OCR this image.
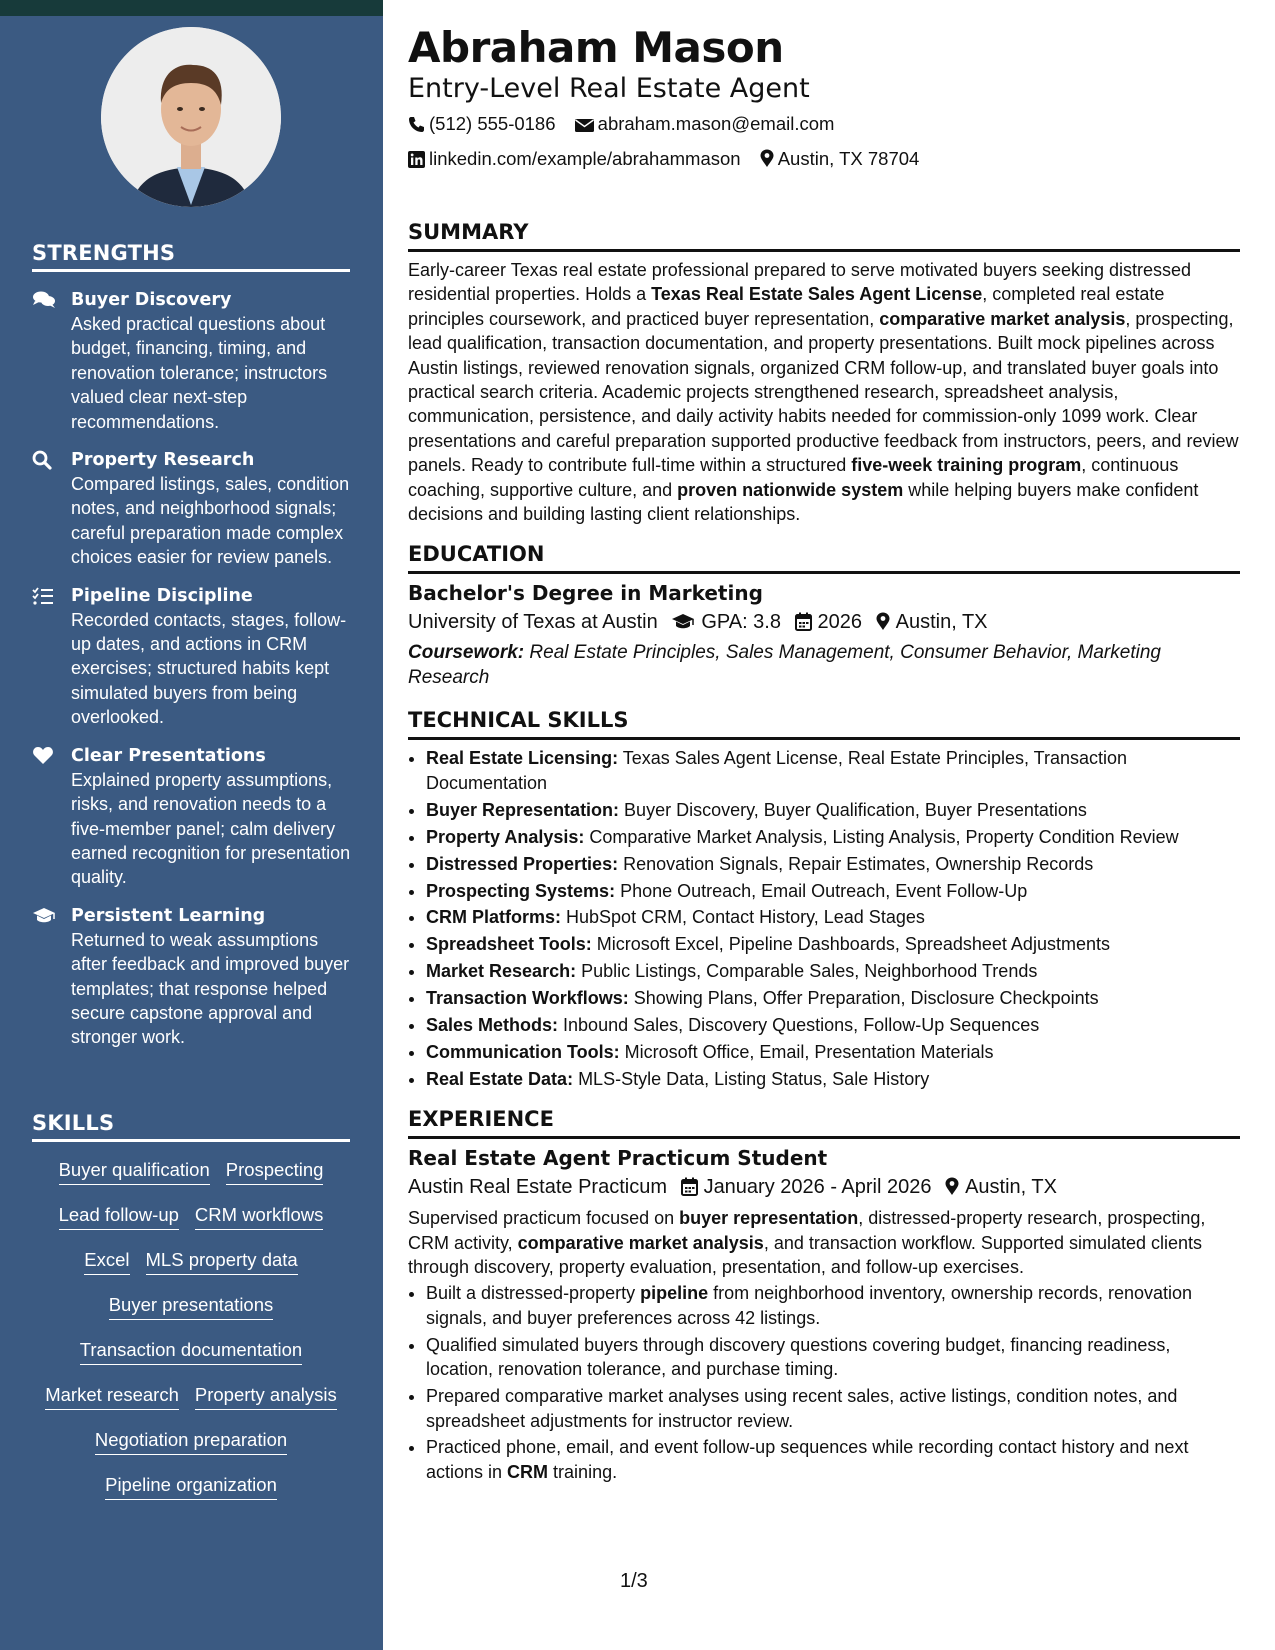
STRENGTHS
Buyer Discovery
Asked practical questions about budget, financing, timing, and renovation tolerance; instructors valued clear next-step recommendations.
Property Research
Compared listings, sales, condition notes, and neighborhood signals; careful preparation made complex choices easier for review panels.
Pipeline Discipline
Recorded contacts, stages, follow-up dates, and actions in CRM exercises; structured habits kept simulated buyers from being overlooked.
Clear Presentations
Explained property assumptions, risks, and renovation needs to a five-member panel; calm delivery earned recognition for presentation quality.
Persistent Learning
Returned to weak assumptions after feedback and improved buyer templates; that response helped secure capstone approval and stronger work.
SKILLS
Buyer qualification Prospecting
Lead follow-up CRM workflows
Excel MLS property data
Buyer presentations
Transaction documentation
Market research Property analysis
Negotiation preparation
Pipeline organization
Abraham Mason
Entry-Level Real Estate Agent
(512) 555-0186 abraham.mason@email.com
linkedin.com/example/abrahammason Austin, TX 78704
SUMMARY
Early-career Texas real estate professional prepared to serve motivated buyers seeking distressed residential properties. Holds a Texas Real Estate Sales Agent License, completed real estate principles coursework, and practiced buyer representation, comparative market analysis, prospecting, lead qualification, transaction documentation, and property presentations. Built mock pipelines across Austin listings, reviewed renovation signals, organized CRM follow-up, and translated buyer goals into practical search criteria. Academic projects strengthened research, spreadsheet analysis, communication, persistence, and daily activity habits needed for commission-only 1099 work. Clear presentations and careful preparation supported productive feedback from instructors, peers, and review panels. Ready to contribute full-time within a structured five-week training program, continuous coaching, supportive culture, and proven nationwide system while helping buyers make confident decisions and building lasting client relationships.
EDUCATION
Bachelor's Degree in Marketing
University of Texas at Austin GPA: 3.8 2026 Austin, TX
Coursework: Real Estate Principles, Sales Management, Consumer Behavior, Marketing Research
TECHNICAL SKILLS
• Real Estate Licensing: Texas Sales Agent License, Real Estate Principles, Transaction Documentation
• Buyer Representation: Buyer Discovery, Buyer Qualification, Buyer Presentations
• Property Analysis: Comparative Market Analysis, Listing Analysis, Property Condition Review
• Distressed Properties: Renovation Signals, Repair Estimates, Ownership Records
• Prospecting Systems: Phone Outreach, Email Outreach, Event Follow-Up
• CRM Platforms: HubSpot CRM, Contact History, Lead Stages
• Spreadsheet Tools: Microsoft Excel, Pipeline Dashboards, Spreadsheet Adjustments
• Market Research: Public Listings, Comparable Sales, Neighborhood Trends
• Transaction Workflows: Showing Plans, Offer Preparation, Disclosure Checkpoints
• Sales Methods: Inbound Sales, Discovery Questions, Follow-Up Sequences
• Communication Tools: Microsoft Office, Email, Presentation Materials
• Real Estate Data: MLS-Style Data, Listing Status, Sale History
EXPERIENCE
Real Estate Agent Practicum Student
Austin Real Estate Practicum January 2026 - April 2026 Austin, TX
Supervised practicum focused on buyer representation, distressed-property research, prospecting, CRM activity, comparative market analysis, and transaction workflow. Supported simulated clients through discovery, property evaluation, presentation, and follow-up exercises.
• Built a distressed-property pipeline from neighborhood inventory, ownership records, renovation signals, and buyer preferences across 42 listings.
• Qualified simulated buyers through discovery questions covering budget, financing readiness, location, renovation tolerance, and purchase timing.
• Prepared comparative market analyses using recent sales, active listings, condition notes, and spreadsheet adjustments for instructor review.
• Practiced phone, email, and event follow-up sequences while recording contact history and next actions in CRM training.
1/3
